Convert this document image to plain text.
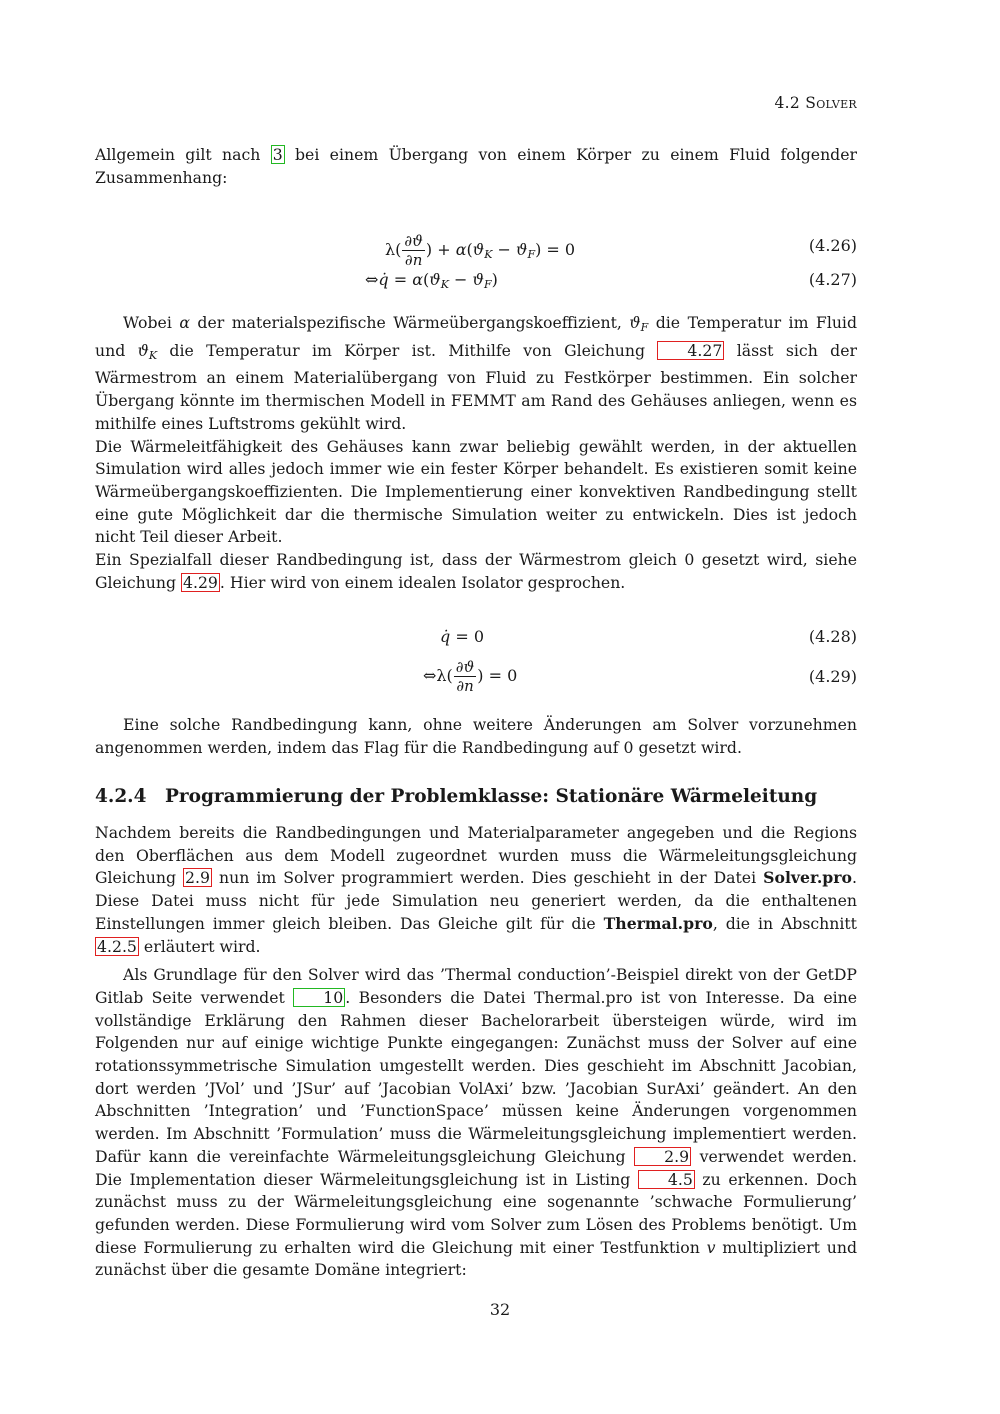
4.2 Solver

Allgemein gilt nach 3 bei einem Übergang von einem Körper zu einem Fluid folgender Zusammenhang:

$\lambda( \frac{\partial ϑ}{\partial n}$ ) + $\alpha(ϑ_K - ϑ_F) = 0$	(4.26)
⇔q̇ = $\alpha(ϑ_K - ϑ_F)$	(4.27)

Wobei α der materialspezifische Wärmeübergangskoeffizient, $ϑ_F$ die Temperatur im Fluid und $ϑ_K$ die Temperatur im Körper ist. Mithilfe von Gleichung 4.27 lässt sich der Wärmestrom an einem Materialübergang von Fluid zu Festkörper bestimmen. Ein solcher Übergang könnte im thermischen Modell in FEMMT am Rand des Gehäuses anliegen, wenn es mithilfe eines Luftstroms gekühlt wird.

Die Wärmeleitfähigkeit des Gehäuses kann zwar beliebig gewählt werden, in der aktuellen Simulation wird alles jedoch immer wie ein fester Körper behandelt. Es existieren somit keine Wärmeübergangskoeffizienten. Die Implementierung einer konvektiven Randbedingung stellt eine gute Möglichkeit dar die thermische Simulation weiter zu entwickeln. Dies ist jedoch nicht Teil dieser Arbeit.

Ein Spezialfall dieser Randbedingung ist, dass der Wärmestrom gleich 0 gesetzt wird, siehe Gleichung 4.29 . Hier wird von einem idealen Isolator gesprochen.

q̇ = 0	(4.28)
⇔λ( $\frac{\partial ϑ}{\partial n}$ ) = 0	(4.29)

Eine solche Randbedingung kann, ohne weitere Änderungen am Solver vorzunehmen angenommen werden, indem das Flag für die Randbedingung auf 0 gesetzt wird.

4.2.4 Programmierung der Problemklasse: Stationäre Wärmeleitung

Nachdem bereits die Randbedingungen und Materialparameter angegeben und die Regions den Oberflächen aus dem Modell zugeordnet wurden muss die Wärmeleitungsgleichung Gleichung 2.9 nun im Solver programmiert werden. Dies geschieht in der Datei Solver.pro. Diese Datei muss nicht für jede Simulation neu generiert werden, da die enthaltenen Einstellungen immer gleich bleiben. Das Gleiche gilt für die Thermal.pro, die in Abschnitt 4.2.5 erläutert wird.

Als Grundlage für den Solver wird das ’Thermal conduction’-Beispiel direkt von der GetDP Gitlab Seite verwendet 10 . Besonders die Datei Thermal.pro ist von Interesse. Da eine vollständige Erklärung den Rahmen dieser Bachelorarbeit übersteigen würde, wird im Folgenden nur auf einige wichtige Punkte eingegangen: Zunächst muss der Solver auf eine rotationssymmetrische Simulation umgestellt werden. Dies geschieht im Abschnitt Jacobian, dort werden ’JVol’ und ’JSur’ auf ’Jacobian VolAxi’ bzw. ’Jacobian SurAxi’ geändert. An den Abschnitten ’Integration’ und ’FunctionSpace’ müssen keine Änderungen vorgenommen werden. Im Abschnitt ’Formulation’ muss die Wärmeleitungsgleichung implementiert werden. Dafür kann die vereinfachte Wärmeleitungsgleichung Gleichung 2.9 verwendet werden. Die Implementation dieser Wärmeleitungsgleichung ist in Listing 4.5 zu erkennen. Doch zunächst muss zu der Wärmeleitungsgleichung eine sogenannte ’schwache Formulierung’ gefunden werden. Diese Formulierung wird vom Solver zum Lösen des Problems benötigt. Um diese Formulierung zu erhalten wird die Gleichung mit einer Testfunktion v multipliziert und zunächst über die gesamte Domäne integriert:

32
